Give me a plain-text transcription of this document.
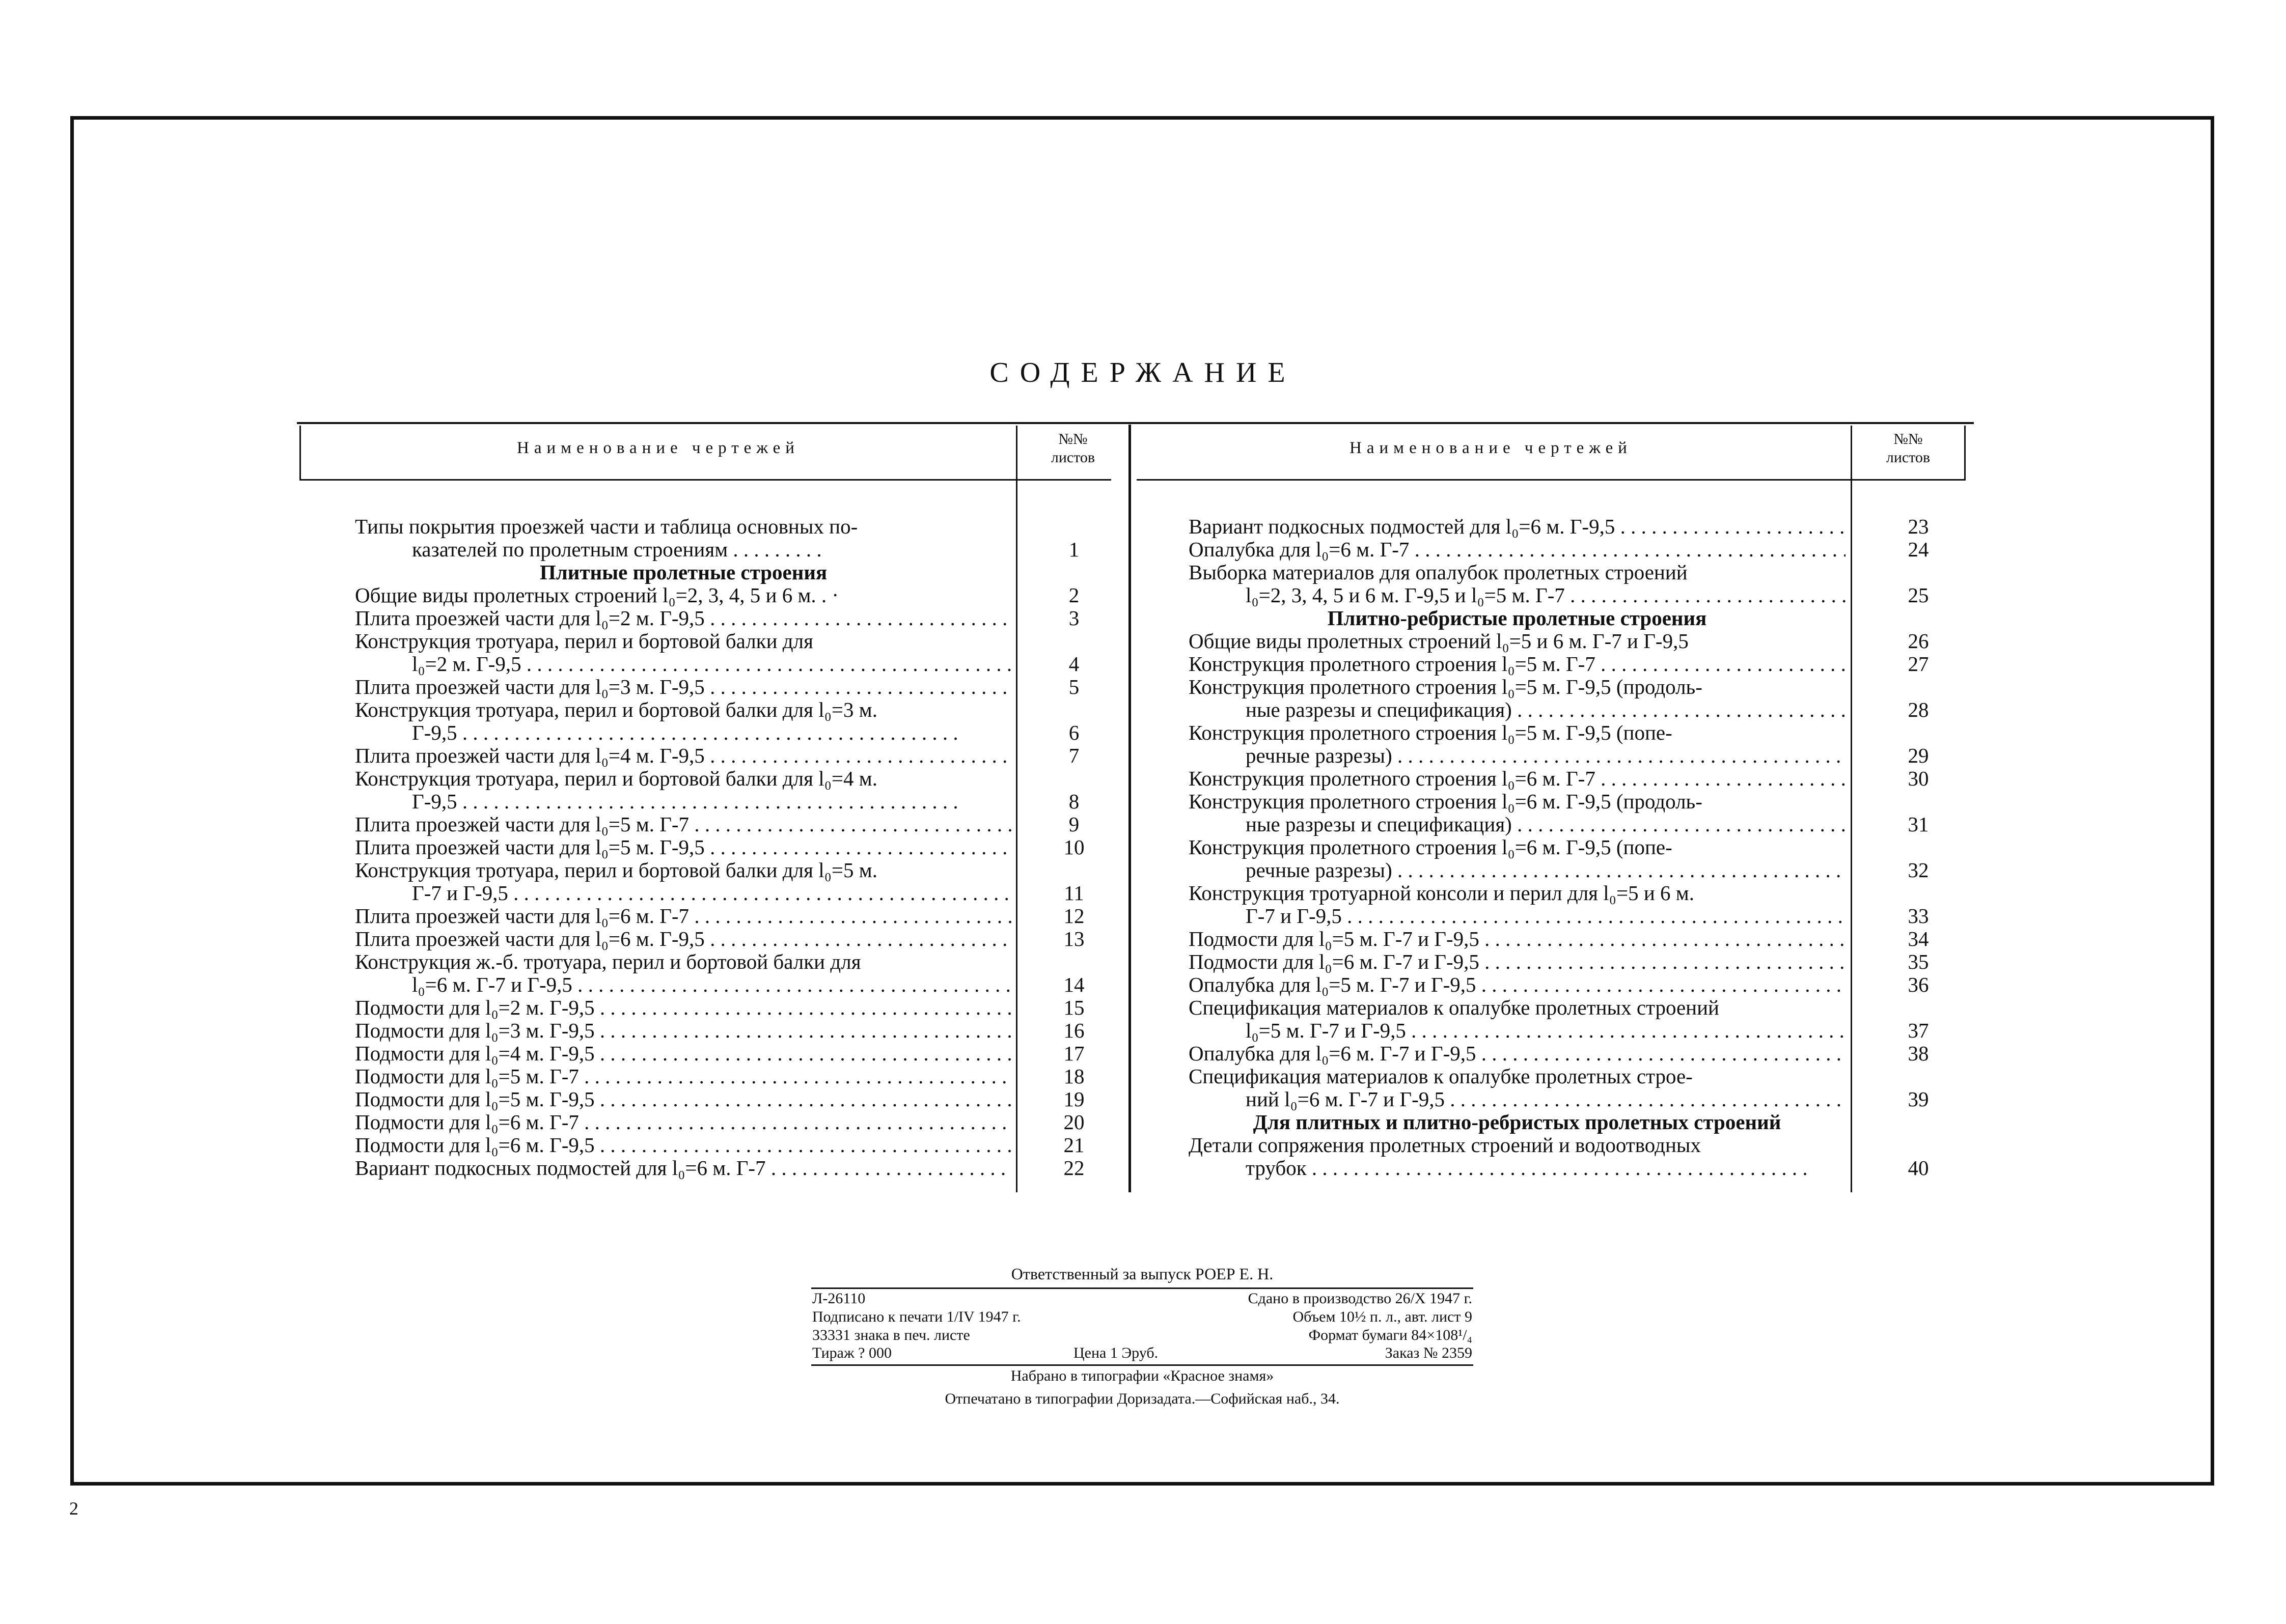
СОДЕРЖАНИЕ
Наименование чертежей	№№
листов
Наименование чертежей	№№
листов
Типы покрытия проезжей части и таблица основных по-
казателей по пролетным строениям . . . . . . . . .	1
Плитные пролетные строения
Общие виды пролетных строений l₀=2, 3, 4, 5 и 6 м. . ·	2
Плита проезжей части для l₀=2 м. Г-9,5 . . .	3
Конструкция тротуара, перил и бортовой балки для
l₀=2 м. Г-9,5 . . .	4
Плита проезжей части для l₀=3 м. Г-9,5 . . .	5
Конструкция тротуара, перил и бортовой балки для l₀=3 м.
Г-9,5 . . .	6
Плита проезжей части для l₀=4 м. Г-9,5 . . .	7
Конструкция тротуара, перил и бортовой балки для l₀=4 м.
Г-9,5 . . .	8
Плита проезжей части для l₀=5 м. Г-7 . . .	9
Плита проезжей части для l₀=5 м. Г-9,5 . . .	10
Конструкция тротуара, перил и бортовой балки для l₀=5 м.
Г-7 и Г-9,5 . . .	11
Плита проезжей части для l₀=6 м. Г-7 . . .	12
Плита проезжей части для l₀=6 м. Г-9,5 . . .	13
Конструкция ж.-б. тротуара, перил и бортовой балки для
l₀=6 м. Г-7 и Г-9,5 . . .	14
Подмости для l₀=2 м. Г-9,5 . . .	15
Подмости для l₀=3 м. Г-9,5 . . .	16
Подмости для l₀=4 м. Г-9,5 . . .	17
Подмости для l₀=5 м. Г-7 . . .	18
Подмости для l₀=5 м. Г-9,5 . . .	19
Подмости для l₀=6 м. Г-7 . . .	20
Подмости для l₀=6 м. Г-9,5 . . .	21
Вариант подкосных подмостей для l₀=6 м. Г-7 . . .	22
Вариант подкосных подмостей для l₀=6 м. Г-9,5 . . .	23
Опалубка для l₀=6 м. Г-7 . . .	24
Выборка материалов для опалубок пролетных строений
l₀=2, 3, 4, 5 и 6 м. Г-9,5 и l₀=5 м. Г-7 . . .	25
Плитно-ребристые пролетные строения
Общие виды пролетных строений l₀=5 и 6 м. Г-7 и Г-9,5	26
Конструкция пролетного строения l₀=5 м. Г-7 . . .	27
Конструкция пролетного строения l₀=5 м. Г-9,5 (продоль-
ные разрезы и спецификация) . . .	28
Конструкция пролетного строения l₀=5 м. Г-9,5 (попе-
речные разрезы) . . .	29
Конструкция пролетного строения l₀=6 м. Г-7 . . .	30
Конструкция пролетного строения l₀=6 м. Г-9,5 (продоль-
ные разрезы и спецификация) . . .	31
Конструкция пролетного строения l₀=6 м. Г-9,5 (попе-
речные разрезы) . . .	32
Конструкция тротуарной консоли и перил для l₀=5 и 6 м.
Г-7 и Г-9,5 . . .	33
Подмости для l₀=5 м. Г-7 и Г-9,5 . . .	34
Подмости для l₀=6 м. Г-7 и Г-9,5 . . .	35
Опалубка для l₀=5 м. Г-7 и Г-9,5 . . .	36
Спецификация материалов к опалубке пролетных строений
l₀=5 м. Г-7 и Г-9,5 . . .	37
Опалубка для l₀=6 м. Г-7 и Г-9,5 . . .	38
Спецификация материалов к опалубке пролетных строе-
ний l₀=6 м. Г-7 и Г-9,5 . . .	39
Для плитных и плитно-ребристых пролетных строений
Детали сопряжения пролетных строений и водоотводных
трубок . . .	40
Ответственный за выпуск РОЕР Е. Н.
Л-26110	Сдано в производство 26/X 1947 г.
Подписано к печати 1/IV 1947 г.	Объем 10½ п. л., авт. лист 9
33331 знака в печ. листе	Формат бумаги 84×108¹/₄
Тираж ? 000	Цена 1 Эруб.	Заказ № 2359
Набрано в типографии «Красное знамя»
Отпечатано в типографии Доризадата.—Софийская наб., 34.
2
